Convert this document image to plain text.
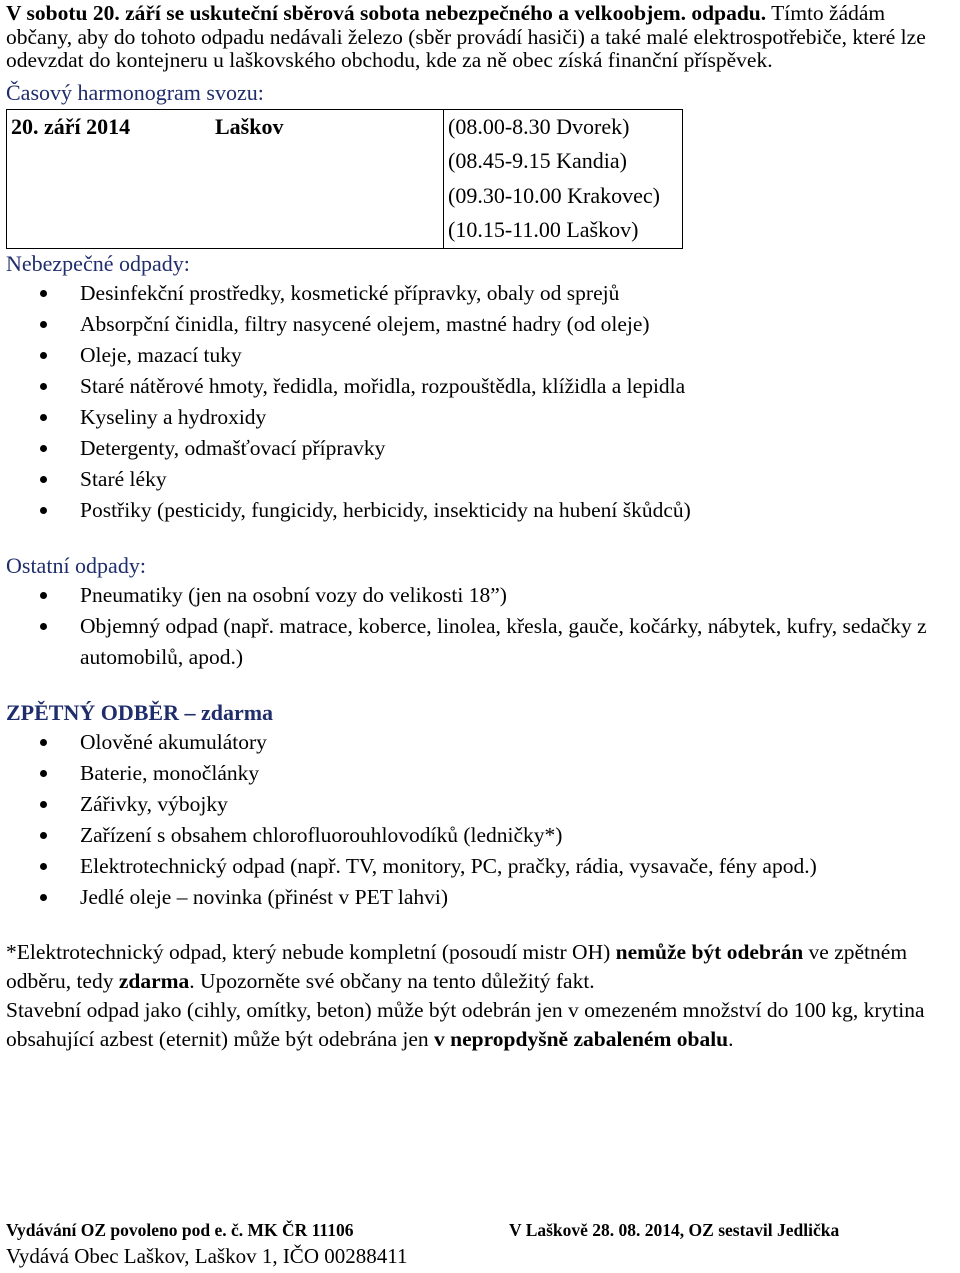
V sobotu 20. září se uskuteční sběrová sobota nebezpečného a velkoobjem. odpadu. Tímto žádám občany, aby do tohoto odpadu nedávali železo (sběr provádí hasiči) a také malé elektrospotřebiče, které lze odevzdat do kontejneru u laškovského obchodu, kde za ně obec získá finanční příspěvek.
Časový harmonogram svozu:
20. září 2014	Laškov	(08.00-8.30 Dvorek)
(08.45-9.15 Kandia)
(09.30-10.00 Krakovec)
(10.15-11.00 Laškov)
Nebezpečné odpady:
Desinfekční prostředky, kosmetické přípravky, obaly od sprejů
Absorpční činidla, filtry nasycené olejem, mastné hadry (od oleje)
Oleje, mazací tuky
Staré nátěrové hmoty, ředidla, mořidla, rozpouštědla, klížidla a lepidla
Kyseliny a hydroxidy
Detergenty, odmašťovací přípravky
Staré léky
Postřiky (pesticidy, fungicidy, herbicidy, insekticidy na hubení škůdců)
Ostatní odpady:
Pneumatiky (jen na osobní vozy do velikosti 18”)
Objemný odpad (např. matrace, koberce, linolea, křesla, gauče, kočárky, nábytek, kufry, sedačky z automobilů, apod.)
ZPĚTNÝ ODBĚR – zdarma
Olověné akumulátory
Baterie, monočlánky
Zářivky, výbojky
Zařízení s obsahem chlorofluorouhlovodíků (ledničky*)
Elektrotechnický odpad (např. TV, monitory, PC, pračky, rádia, vysavače, fény apod.)
Jedlé oleje – novinka (přinést v PET lahvi)
*Elektrotechnický odpad, který nebude kompletní (posoudí mistr OH) nemůže být odebrán ve zpětném odběru, tedy zdarma. Upozorněte své občany na tento důležitý fakt.
Stavební odpad jako (cihly, omítky, beton) může být odebrán jen v omezeném množství do 100 kg, krytina obsahující azbest (eternit) může být odebrána jen v nepropdyšně zabaleném obalu.
Vydávání OZ povoleno pod e. č. MK ČR 11106	V Laškově 28. 08. 2014, OZ sestavil Jedlička
Vydává Obec Laškov, Laškov 1, IČO 00288411
